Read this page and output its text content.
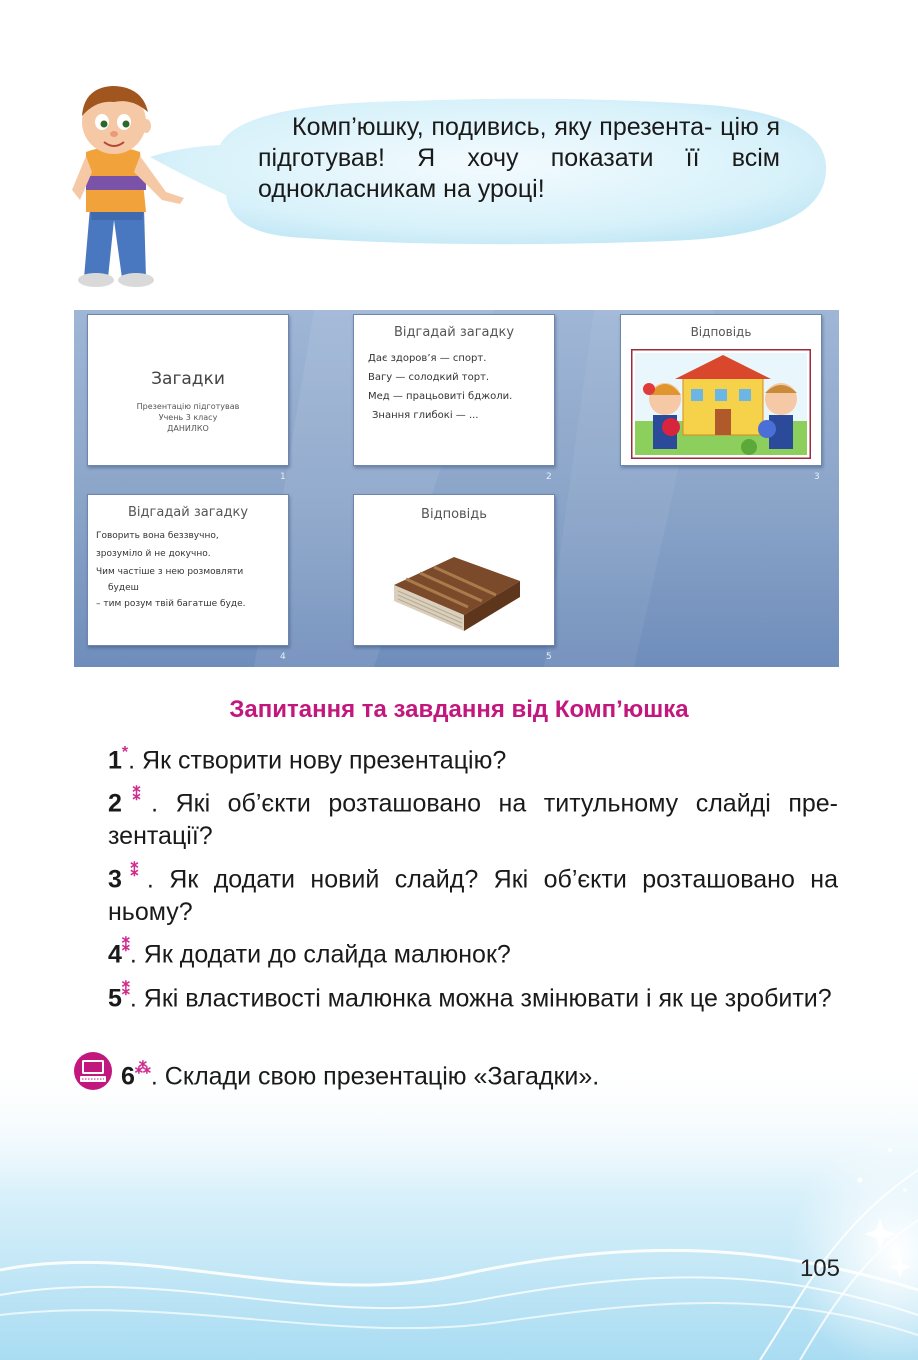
Комп’юшку, подивись, яку презента- цію я підготував! Я хочу показати її всім однокласникам на уроці!
Загадки
Презентацію підготував
Учень 3 класу
ДАНИЛКО
1
Відгадай загадку
Дає здоров’я — спорт.
Вагу — солодкий торт.
Мед — працьовиті бджоли.
Знання глибокі — ...
2
Відповідь
3
Відгадай загадку
Говорить вона беззвучно,
зрозуміло й не докучно.
Чим частіше з нею розмовляти
будеш
– тим розум твій багатше буде.
4
Відповідь
5
Запитання та завдання від Комп’юшка
1*. Як створити нову презентацію?
2⁑. Які об’єкти розташовано на титульному слайді пре- зентації?
3⁑. Як додати новий слайд? Які об’єкти розташовано на ньому?
4⁑. Як додати до слайда малюнок?
5⁑. Які властивості малюнка можна змінювати і як це зробити?
6⁂. Склади свою презентацію «Загадки».
105
